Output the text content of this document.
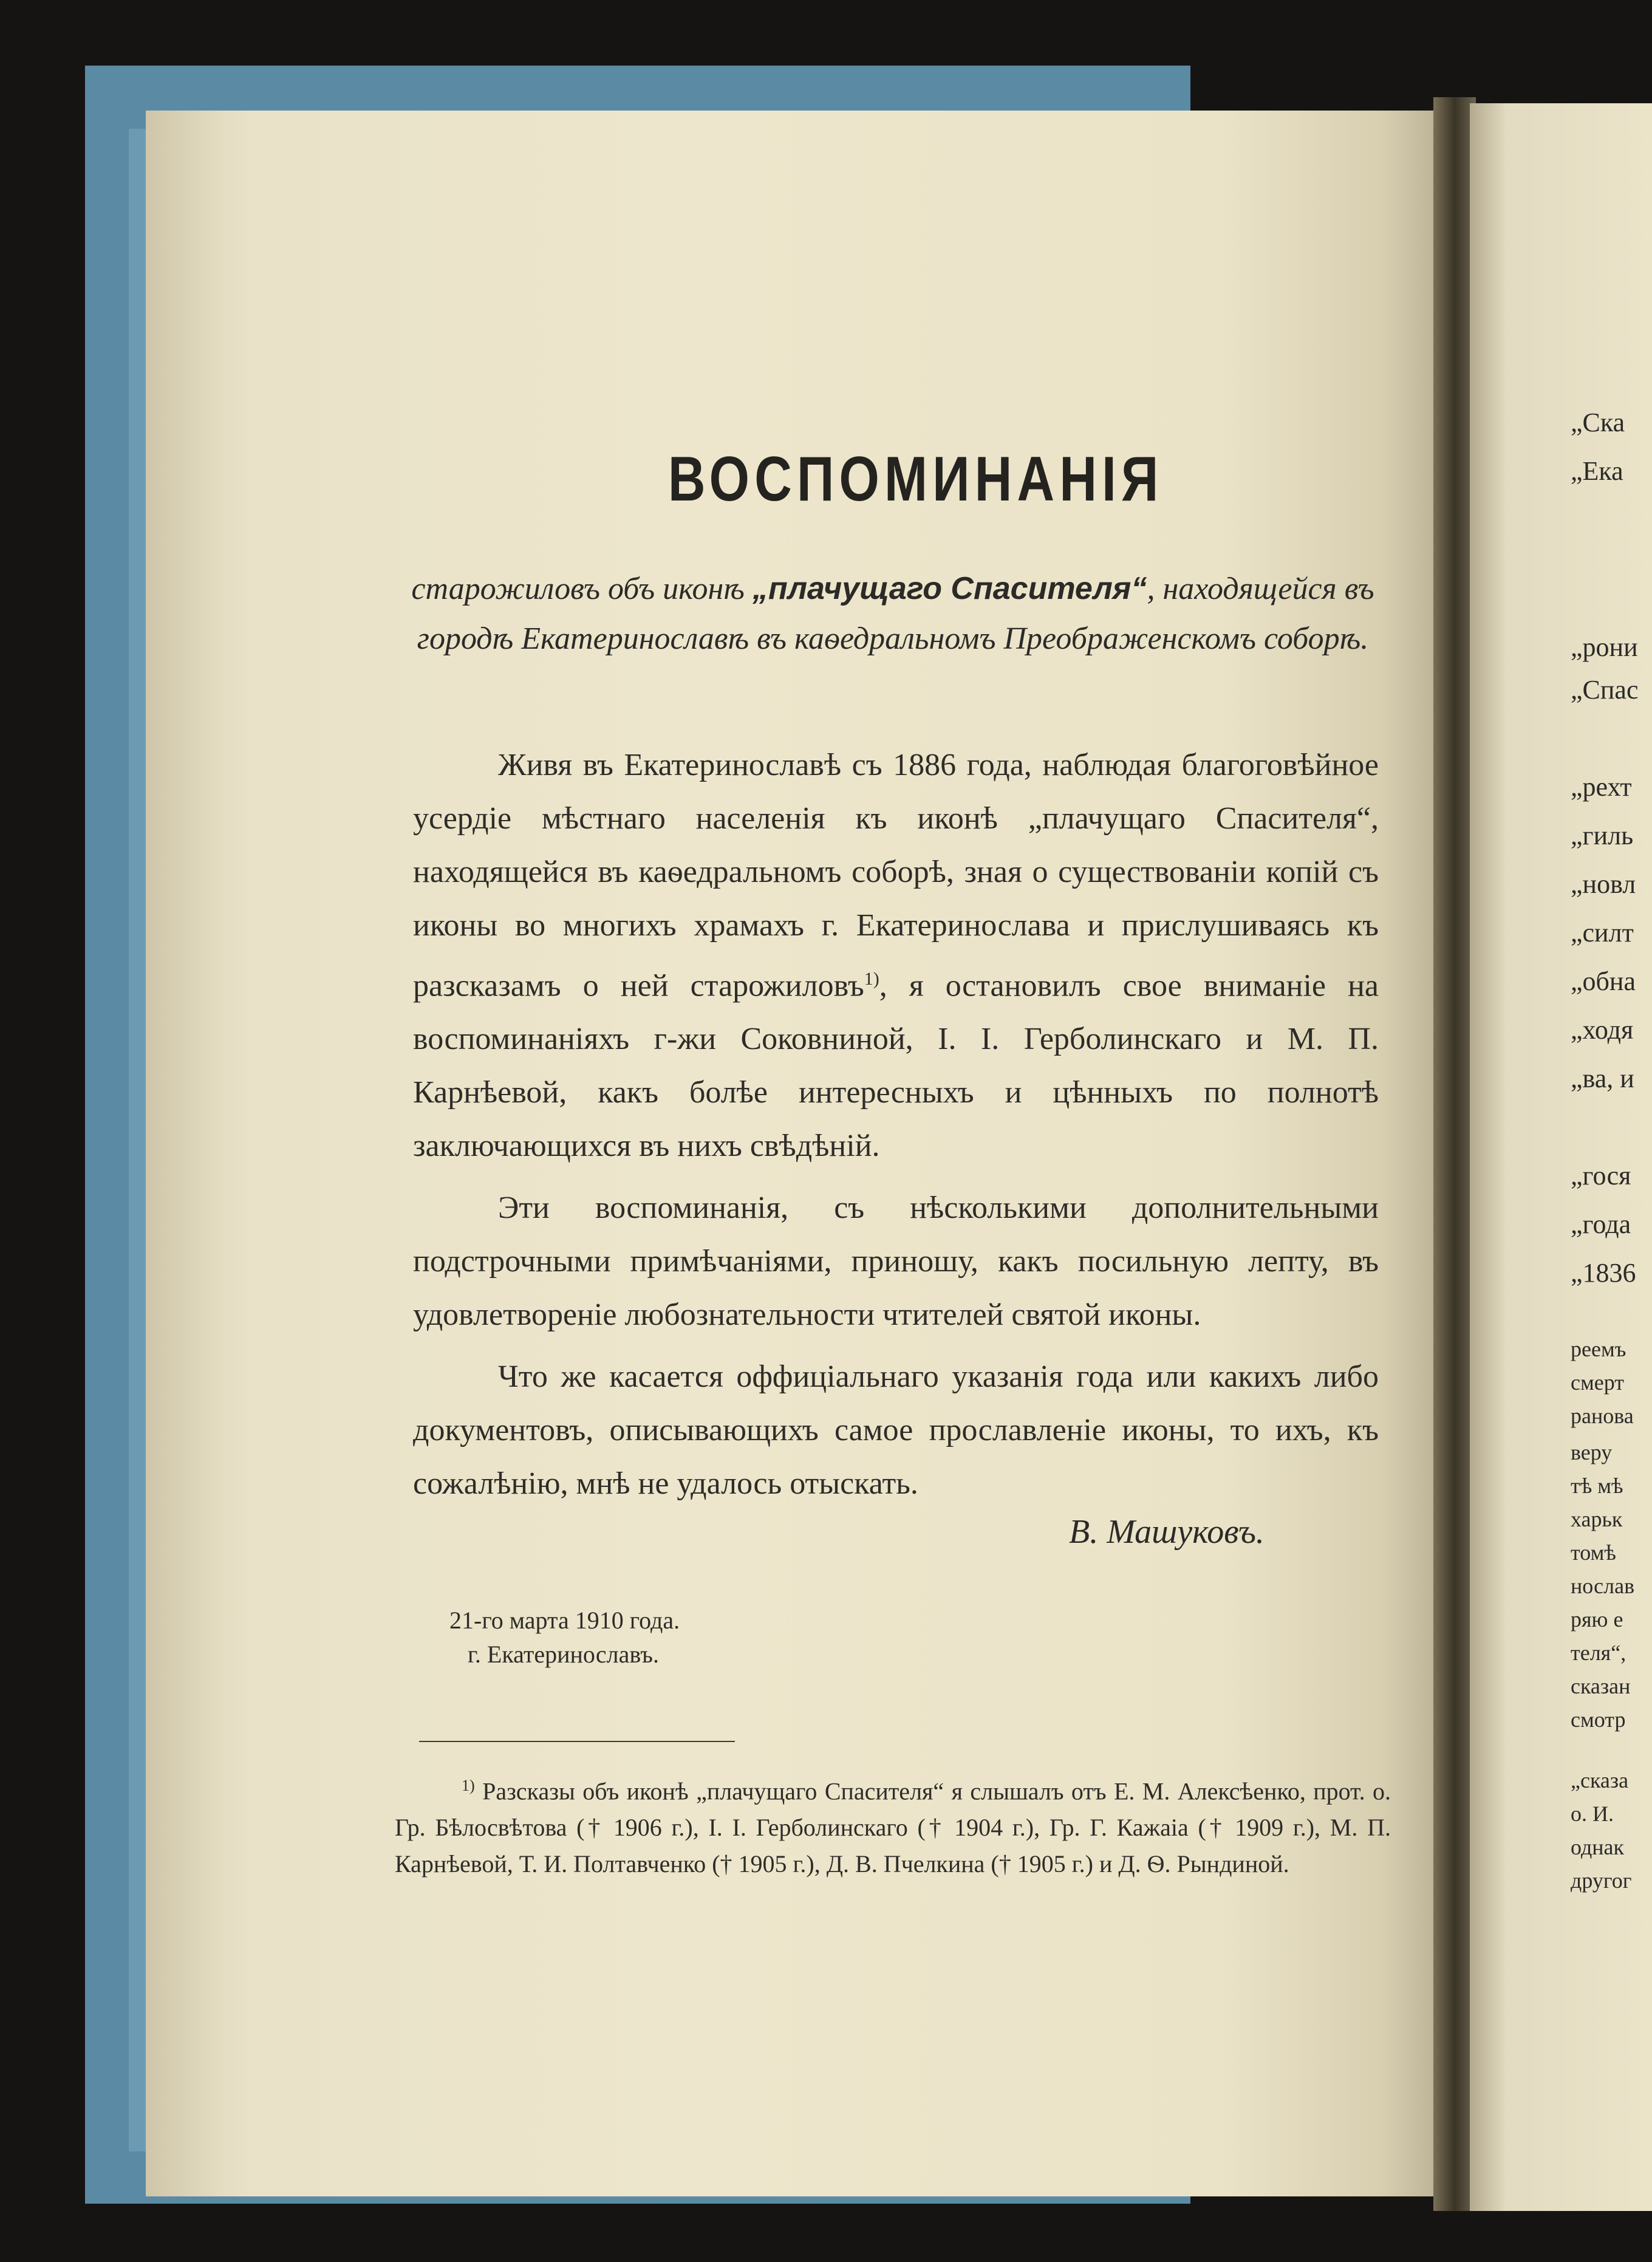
ВОСПОМИНАНІЯ
старожиловъ объ иконѣ „плачущаго Спасителя“, находящейся въ городѣ Екатеринославѣ въ каѳедральномъ Преображенскомъ соборѣ.

Живя въ Екатеринославѣ съ 1886 года, наблюдая благоговѣйное усердіе мѣстнаго населенія къ иконѣ „плачущаго Спасителя“, находящейся въ каѳедральномъ соборѣ, зная о существованіи копій съ иконы во многихъ храмахъ г. Екатеринослава и прислушиваясь къ разсказамъ о ней старожиловъ$^{1)}$, я остановилъ свое вниманіе на воспоминаніяхъ г-жи Соковниной, I. I. Герболинскаго и М. П. Карнѣевой, какъ болѣе интересныхъ и цѣнныхъ по полнотѣ заключающихся въ нихъ свѣдѣній.

Эти воспоминанія, съ нѣсколькими дополнительными подстрочными примѣчаніями, приношу, какъ посильную лепту, въ удовлетвореніе любознательности чтителей святой иконы.

Что же касается оффиціальнаго указанія года или какихъ либо документовъ, описывающихъ самое прославленіе иконы, то ихъ, къ сожалѣнію, мнѣ не удалось отыскать.

В. Машуковъ.
21-го марта 1910 года.
г. Екатеринославъ.

$^{1)}$ Разсказы объ иконѣ „плачущаго Спасителя“ я слышалъ отъ Е. М. Алексѣенко, прот. о. Гр. Бѣлосвѣтова († 1906 г.), I. I. Герболинскаго († 1904 г.), Гр. Г. Кажаіа († 1909 г.), М. П. Карнѣевой, Т. И. Полтавченко († 1905 г.), Д. В. Пчелкина († 1905 г.) и Д. Ѳ. Рындиной.

„Ска
„Ека
„рони
„Спас
„рехт
„гиль
„новл
„силт
„обна
„ходя
„ва, и
„гося
„года
„1836
реемъ
смерт
ранова
веру
тѣ мѣ
харьк
томѣ
нослав
ряю е
теля“,
сказан
смотр
„сказа
о. И.
однак
другог
